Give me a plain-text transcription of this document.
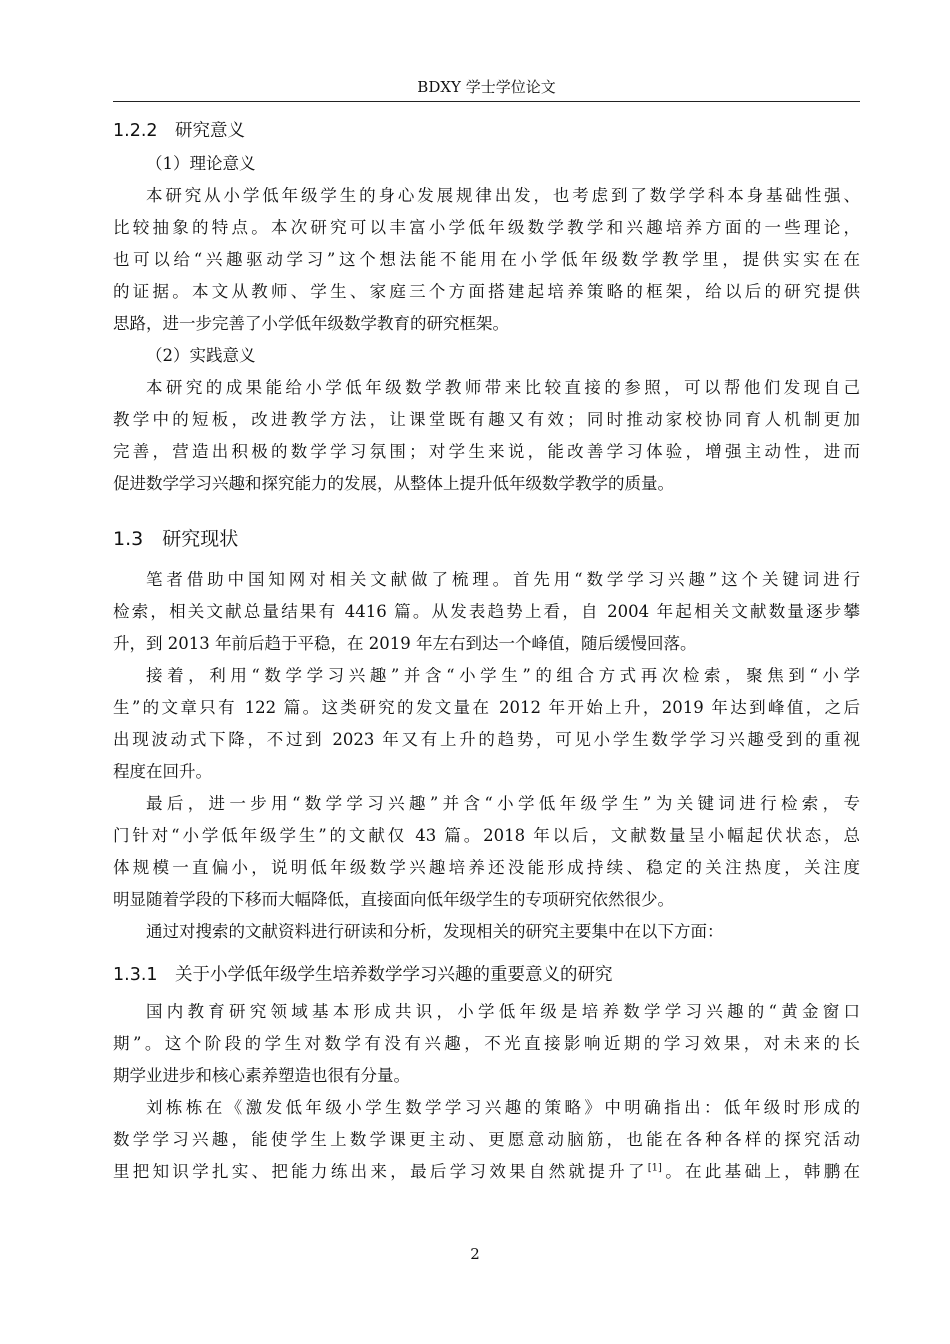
BDXY 学士学位论文
1.2.2　研究意义
（1）理论意义

本研究从小学低年级学生的身心发展规律出发，也考虑到了数学学科本身基础性强、

比较抽象的特点。本次研究可以丰富小学低年级数学教学和兴趣培养方面的一些理论，

也可以给“兴趣驱动学习”这个想法能不能用在小学低年级数学教学里，提供实实在在

的证据。本文从教师、学生、家庭三个方面搭建起培养策略的框架，给以后的研究提供

思路，进一步完善了小学低年级数学教育的研究框架。

（2）实践意义

本研究的成果能给小学低年级数学教师带来比较直接的参照，可以帮他们发现自己

教学中的短板，改进教学方法，让课堂既有趣又有效；同时推动家校协同育人机制更加

完善，营造出积极的数学学习氛围；对学生来说，能改善学习体验，增强主动性，进而

促进数学学习兴趣和探究能力的发展，从整体上提升低年级数学教学的质量。

1.3　研究现状

笔者借助中国知网对相关文献做了梳理。首先用“数学学习兴趣”这个关键词进行

检索，相关文献总量结果有 4416 篇。从发表趋势上看，自 2004 年起相关文献数量逐步攀

升，到 2013 年前后趋于平稳，在 2019 年左右到达一个峰值，随后缓慢回落。

接着，利用“数学学习兴趣”并含“小学生”的组合方式再次检索，聚焦到“小学

生”的文章只有 122 篇。这类研究的发文量在 2012 年开始上升，2019 年达到峰值，之后

出现波动式下降，不过到 2023 年又有上升的趋势，可见小学生数学学习兴趣受到的重视

程度在回升。

最后，进一步用“数学学习兴趣”并含“小学低年级学生”为关键词进行检索，专

门针对“小学低年级学生”的文献仅 43 篇。2018 年以后，文献数量呈小幅起伏状态，总

体规模一直偏小，说明低年级数学兴趣培养还没能形成持续、稳定的关注热度，关注度

明显随着学段的下移而大幅降低，直接面向低年级学生的专项研究依然很少。

通过对搜索的文献资料进行研读和分析，发现相关的研究主要集中在以下方面：

1.3.1　关于小学低年级学生培养数学学习兴趣的重要意义的研究

国内教育研究领域基本形成共识，小学低年级是培养数学学习兴趣的“黄金窗口

期”。这个阶段的学生对数学有没有兴趣，不光直接影响近期的学习效果，对未来的长

期学业进步和核心素养塑造也很有分量。

刘栋栋在《激发低年级小学生数学学习兴趣的策略》中明确指出：低年级时形成的

数学学习兴趣，能使学生上数学课更主动、更愿意动脑筋，也能在各种各样的探究活动

里把知识学扎实、把能力练出来，最后学习效果自然就提升了[1]。在此基础上，韩鹏在

2
